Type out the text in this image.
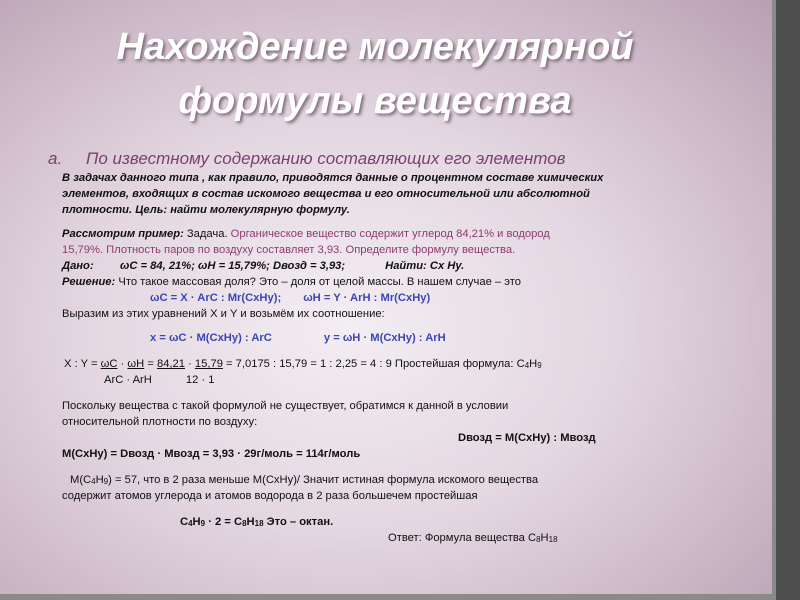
Нахождение молекулярной
формулы вещества
а. По известному содержанию составляющих его элементов
В задачах данного типа , как правило, приводятся данные о процентном составе химических
элементов, входящих в состав искомого вещества и его относительной или абсолютной
плотности. Цель: найти молекулярную формулу.
Рассмотрим пример: Задача. Органическое вещество содержит углерод 84,21% и водород
15,79%. Плотность паров по воздуху составляет 3,93. Определите формулу вещества.
Дано: ωC = 84, 21%; ωH = 15,79%; Dвозд = 3,93;	Найти: Сх Ну.
Решение: Что такое массовая доля? Это – доля от целой массы. В нашем случае – это
ωC = X · ArC : Mr(CxHy); ωH = Y · ArH : Mr(CxHy)
Выразим из этих уравнений X и Y и возьмём их соотношение:
x = ωC · M(CxHy) : ArC	y = ωH · M(CxHy) : ArH
X : Y = ωC · ωH = 84,21 · 15,79 = 7,0175 : 15,79 = 1 : 2,25 = 4 : 9 Простейшая формула: $С_4Н_9$
ArC · ArH	12 · 1
Поскольку вещества с такой формулой не существует, обратимся к данной в условии
относительной плотности по воздуху:
Dвозд = M(CxHy) : Mвозд
M(CxHy) = Dвозд · Mвозд = 3,93 · 29г/моль = 114г/моль
$M(C_4H_9) = 57$, что в 2 раза меньше M(CxHy)/ Значит истиная формула искомого вещества
содержит атомов углерода и атомов водорода в 2 раза большечем простейшая
$С_4Н_9 \cdot 2 = С_8Н_{18}$ Это – октан.
Ответ: Формула вещества $С_8Н_{18}$
